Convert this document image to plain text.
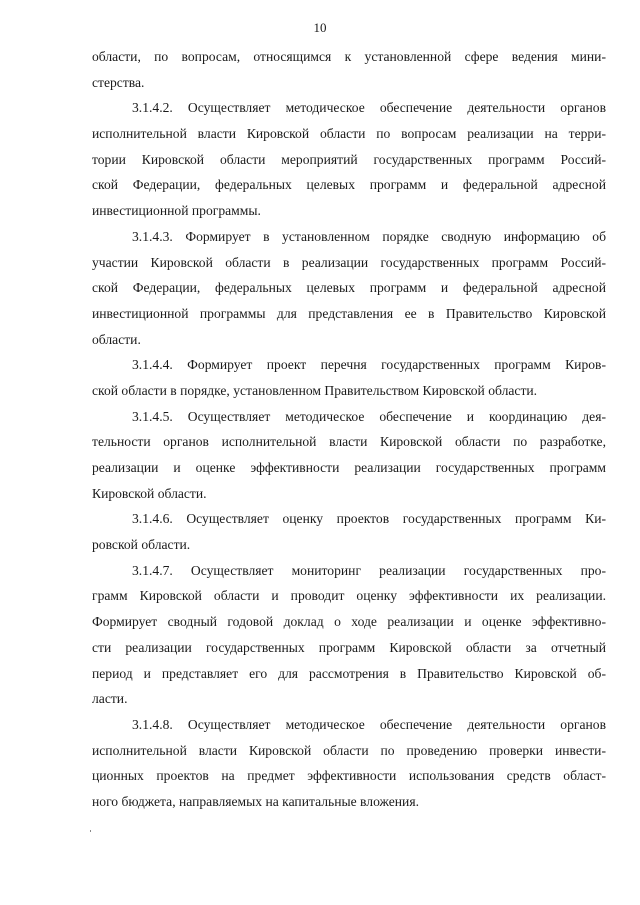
10
области, по вопросам, относящимся к установленной сфере ведения мини-
стерства.
3.1.4.2. Осуществляет методическое обеспечение деятельности органов
исполнительной власти Кировской области по вопросам реализации на терри-
тории Кировской области мероприятий государственных программ Россий-
ской Федерации, федеральных целевых программ и федеральной адресной
инвестиционной программы.
3.1.4.3. Формирует в установленном порядке сводную информацию об
участии Кировской области в реализации государственных программ Россий-
ской Федерации, федеральных целевых программ и федеральной адресной
инвестиционной программы для представления ее в Правительство Кировской
области.
3.1.4.4. Формирует проект перечня государственных программ Киров-
ской области в порядке, установленном Правительством Кировской области.
3.1.4.5. Осуществляет методическое обеспечение и координацию дея-
тельности органов исполнительной власти Кировской области по разработке,
реализации и оценке эффективности реализации государственных программ
Кировской области.
3.1.4.6. Осуществляет оценку проектов государственных программ Ки-
ровской области.
3.1.4.7. Осуществляет мониторинг реализации государственных про-
грамм Кировской области и проводит оценку эффективности их реализации.
Формирует сводный годовой доклад о ходе реализации и оценке эффективно-
сти реализации государственных программ Кировской области за отчетный
период и представляет его для рассмотрения в Правительство Кировской об-
ласти.
3.1.4.8. Осуществляет методическое обеспечение деятельности органов
исполнительной власти Кировской области по проведению проверки инвести-
ционных проектов на предмет эффективности использования средств област-
ного бюджета, направляемых на капитальные вложения.
